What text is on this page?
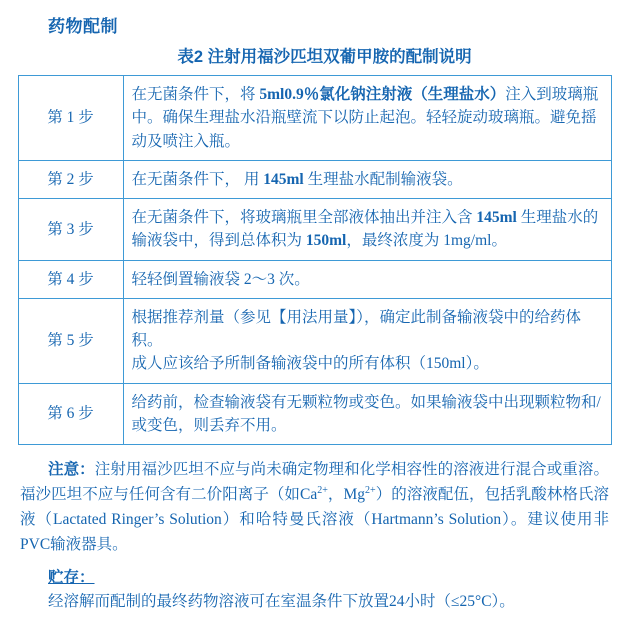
药物配制
表2 注射用福沙匹坦双葡甲胺的配制说明
第 1 步	在无菌条件下，将 5ml0.9％氯化钠注射液（生理盐水）注入到玻璃瓶中。确保生理盐水沿瓶壁流下以防止起泡。轻轻旋动玻璃瓶。避免摇动及喷注入瓶。
第 2 步	在无菌条件下， 用 145ml 生理盐水配制输液袋。
第 3 步	在无菌条件下，将玻璃瓶里全部液体抽出并注入含 145ml 生理盐水的输液袋中，得到总体积为 150ml，最终浓度为 1mg/ml。
第 4 步	轻轻倒置输液袋 2～3 次。
第 5 步	根据推荐剂量（参见【用法用量】），确定此制备输液袋中的给药体积。
成人应该给予所制备输液袋中的所有体积（150ml）。
第 6 步	给药前，检查输液袋有无颗粒物或变色。如果输液袋中出现颗粒物和/或变色，则丢弃不用。
注意：注射用福沙匹坦不应与尚未确定物理和化学相容性的溶液进行混合或重溶。福沙匹坦不应与任何含有二价阳离子（如$Ca^{2+}$，$Mg^{2+}$）的溶液配伍，包括乳酸林格氏溶液（Lactated Ringer’s Solution）和哈特曼氏溶液（Hartmann’s Solution）。建议使用非PVC输液器具。
贮存：
经溶解而配制的最终药物溶液可在室温条件下放置24小时（≤25°C）。
